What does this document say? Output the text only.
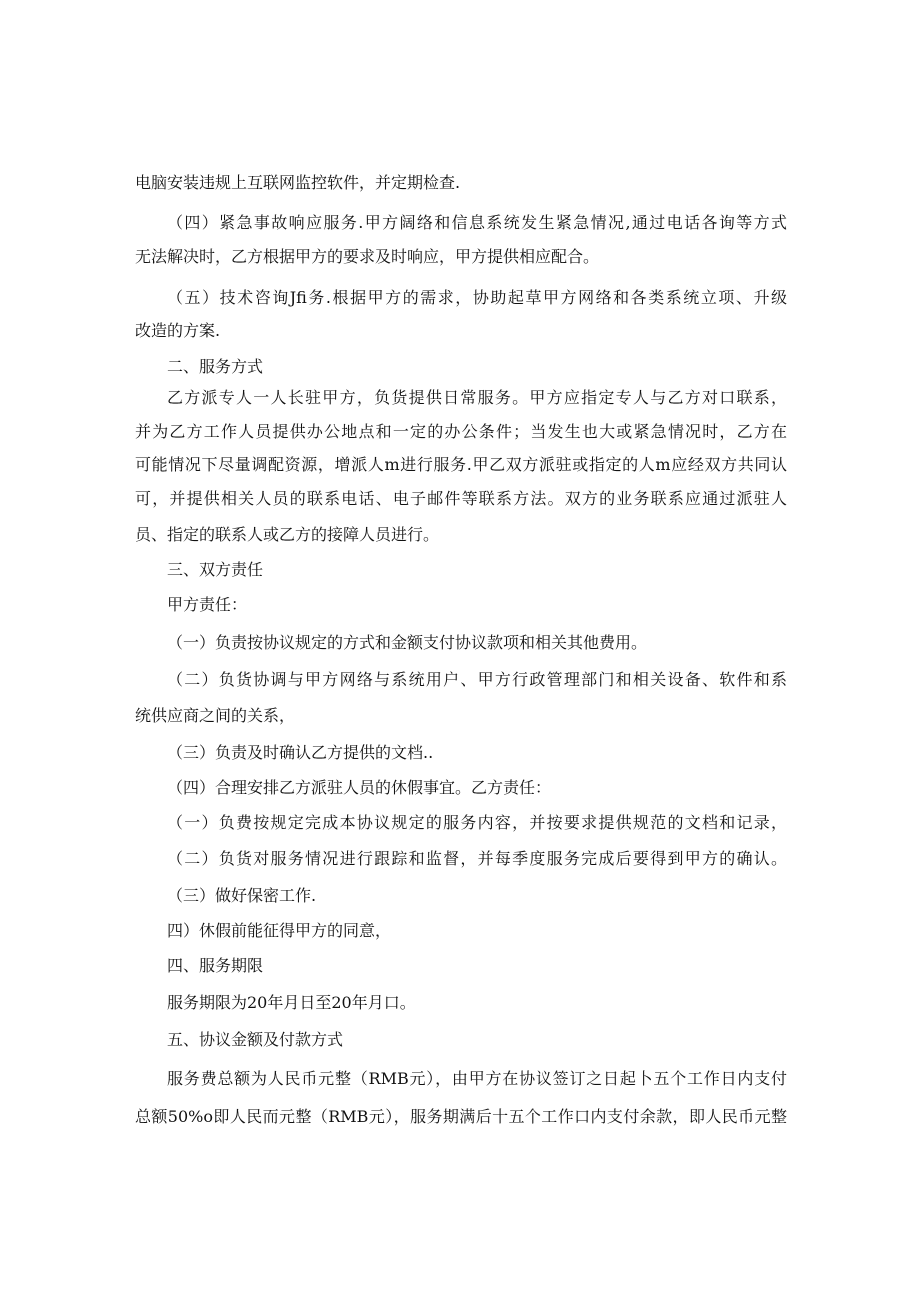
电脑安装违规上互联网监控软件，并定期检查.
（四）紧急事故响应服务.甲方阔络和信息系统发生紧急情况,通过电话各询等方式
无法解决时，乙方根据甲方的要求及时响应，甲方提供相应配合。
（五）技术咨询Jfi务.根据甲方的需求，协助起草甲方网络和各类系统立项、升级
改造的方案.
二、服务方式
乙方派专人一人长驻甲方，负货提供日常服务。甲方应指定专人与乙方对口联系，
并为乙方工作人员提供办公地点和一定的办公条件；当发生也大或紧急情况时，乙方在
可能情况下尽量调配资源，增派人m进行服务.甲乙双方派驻或指定的人m应经双方共同认
可，并提供相关人员的联系电话、电子邮件等联系方法。双方的业务联系应通过派驻人
员、指定的联系人或乙方的接障人员进行。
三、双方责任
甲方责任：
（一）负责按协议规定的方式和金额支付协议款项和相关其他费用。
（二）负货协调与甲方网络与系统用户、甲方行政管理部门和相关设备、软件和系
统供应商之间的关系，
（三）负责及时确认乙方提供的文档..
（四）合理安排乙方派驻人员的休假事宜。乙方责任：
（一）负费按规定完成本协议规定的服务内容，并按要求提供规范的文档和记录，
（二）负货对服务情况进行跟踪和监督，并每季度服务完成后要得到甲方的确认。
（三）做好保密工作.
四）休假前能征得甲方的同意，
四、服务期限
服务期限为20年月日至20年月口。
五、协议金额及付款方式
服务费总额为人民币元整（RMB元），由甲方在协议签订之日起卜五个工作日内支付
总额50%o即人民而元整（RMB元），服务期满后十五个工作口内支付余款，即人民币元整
